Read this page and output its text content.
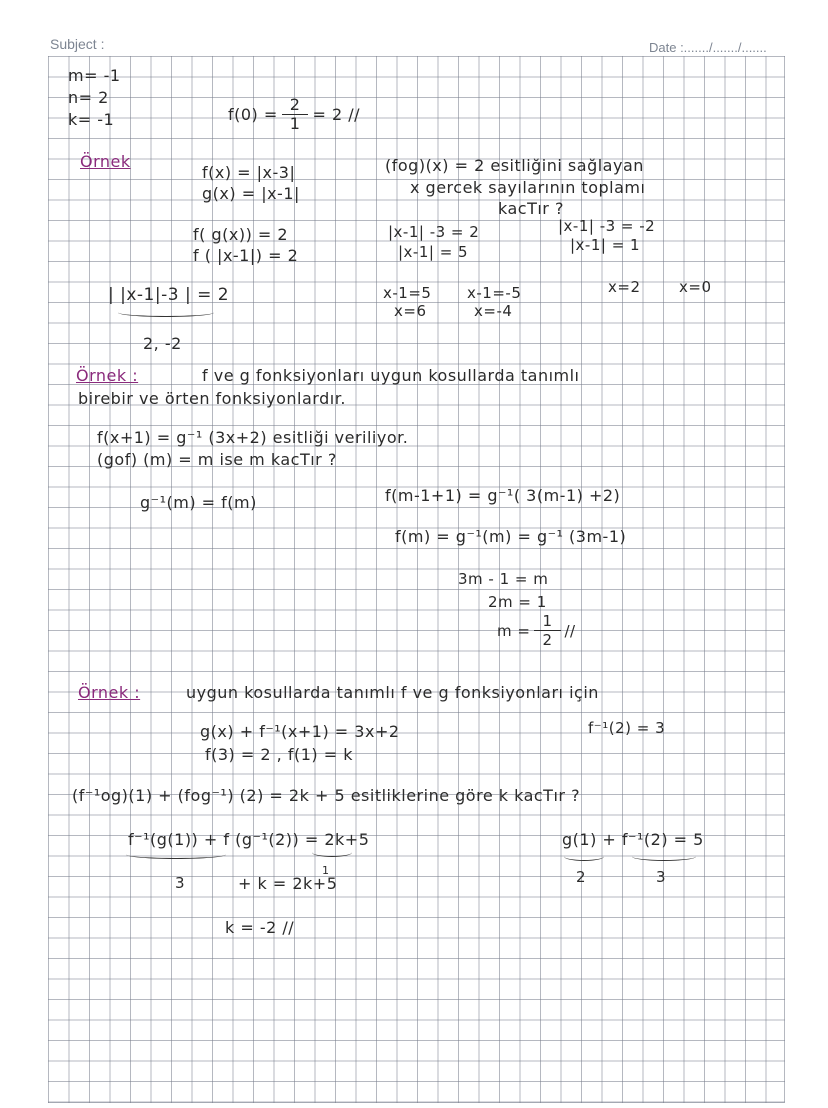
Subject :	Date :......./......./.......
m= -1
n= 2
k= -1	$f(0) = \frac{2}{1} = 2$ //
Örnek
f(x) = |x-3|
g(x) = |x-1|
(fog)(x) = 2 esitliğini sağlayan
x gercek sayılarının toplamı
kacTır ?
f( g(x)) = 2
f ( |x-1|) = 2
| |x-1|-3 | = 2
2, -2
|x-1| -3 = 2
|x-1| = 5
|x-1| -3 = -2
|x-1| = 1
x-1=5
x=6
x-1=-5
x=-4
x=2	x=0
Örnek :	f ve g fonksiyonları uygun kosullarda tanımlı
birebir ve örten fonksiyonlardır.
f(x+1) = g⁻¹ (3x+2) esitliği veriliyor.
(gof) (m) = m ise m kacTır ?
g⁻¹(m) = f(m)	f(m-1+1) = g⁻¹( 3(m-1) +2)
f(m) = g⁻¹(m) = g⁻¹ (3m-1)
3m - 1 = m
2m = 1
$m = \frac{1}{2}$ //
Örnek :	uygun kosullarda tanımlı f ve g fonksiyonları için
g(x) + f⁻¹(x+1) = 3x+2
f(3) = 2 , f(1) = k
f⁻¹(2) = 3
(f⁻¹og)(1) + (fog⁻¹) (2) = 2k + 5 esitliklerine göre k kacTır ?
f⁻¹(g(1)) + f (g⁻¹(2)) = 2k+5
3	+ k = 2k+5
1
g(1) + f⁻¹(2) = 5
2	3
k = -2 //
